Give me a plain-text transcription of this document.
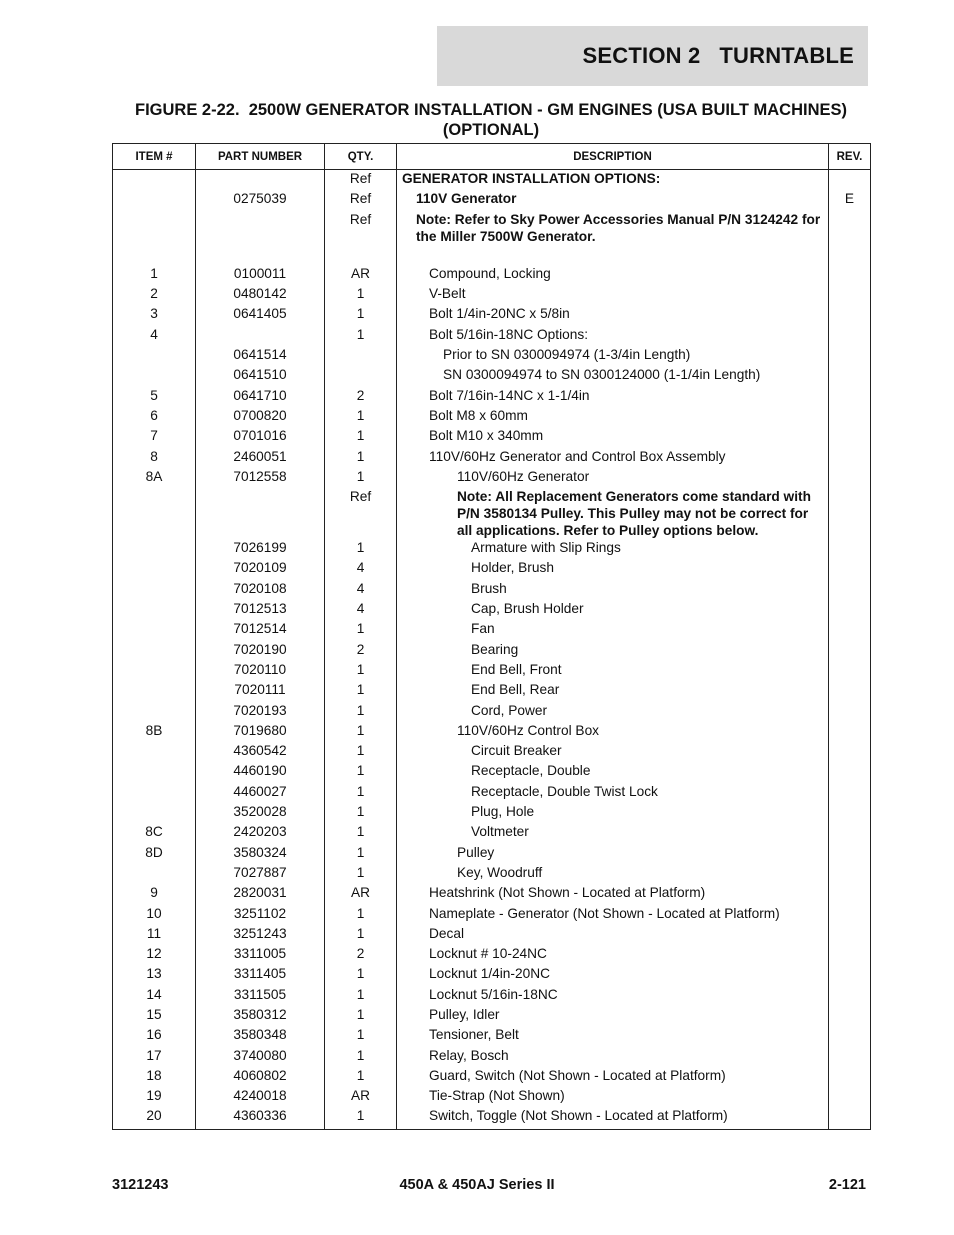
SECTION 2   TURNTABLE
FIGURE 2-22.  2500W GENERATOR INSTALLATION - GM ENGINES (USA BUILT MACHINES)
(OPTIONAL)
ITEM #	PART NUMBER	QTY.	DESCRIPTION	REV.
		Ref	GENERATOR INSTALLATION OPTIONS:	
	0275039	Ref	110V Generator	E
		Ref	Note: Refer to Sky Power Accessories Manual P/N 3124242 for the Miller 7500W Generator.	

1	0100011	AR	Compound, Locking	
2	0480142	1	V-Belt	
3	0641405	1	Bolt 1/4in-20NC x 5/8in	
4		1	Bolt 5/16in-18NC Options:	
	0641514		Prior to SN 0300094974 (1-3/4in Length)	
	0641510		SN 0300094974 to SN 0300124000 (1-1/4in Length)	
5	0641710	2	Bolt 7/16in-14NC x 1-1/4in	
6	0700820	1	Bolt M8 x 60mm	
7	0701016	1	Bolt M10 x 340mm	
8	2460051	1	110V/60Hz Generator and Control Box Assembly	
8A	7012558	1	110V/60Hz Generator	
		Ref	Note: All Replacement Generators come standard with P/N 3580134 Pulley. This Pulley may not be correct for all applications. Refer to Pulley options below.	
	7026199	1	Armature with Slip Rings	
	7020109	4	Holder, Brush	
	7020108	4	Brush	
	7012513	4	Cap, Brush Holder	
	7012514	1	Fan	
	7020190	2	Bearing	
	7020110	1	End Bell, Front	
	7020111	1	End Bell, Rear	
	7020193	1	Cord, Power	
8B	7019680	1	110V/60Hz Control Box	
	4360542	1	Circuit Breaker	
	4460190	1	Receptacle, Double	
	4460027	1	Receptacle, Double Twist Lock	
	3520028	1	Plug, Hole	
8C	2420203	1	Voltmeter	
8D	3580324	1	Pulley	
	7027887	1	Key, Woodruff	
9	2820031	AR	Heatshrink (Not Shown - Located at Platform)	
10	3251102	1	Nameplate - Generator (Not Shown - Located at Platform)	
11	3251243	1	Decal	
12	3311005	2	Locknut # 10-24NC	
13	3311405	1	Locknut 1/4in-20NC	
14	3311505	1	Locknut 5/16in-18NC	
15	3580312	1	Pulley, Idler	
16	3580348	1	Tensioner, Belt	
17	3740080	1	Relay, Bosch	
18	4060802	1	Guard, Switch (Not Shown - Located at Platform)	
19	4240018	AR	Tie-Strap (Not Shown)	
20	4360336	1	Switch, Toggle (Not Shown - Located at Platform)	
3121243	450A & 450AJ Series II	2-121
